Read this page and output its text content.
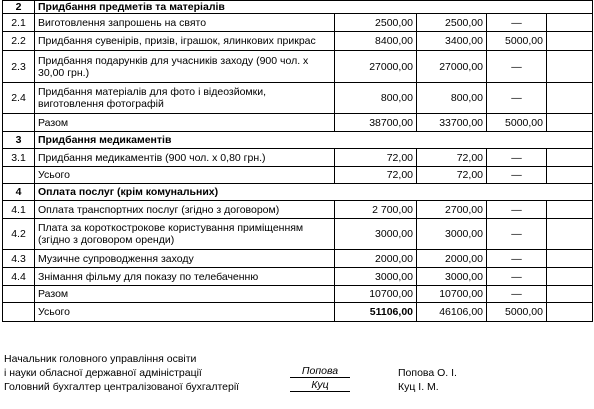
2	Придбання предметів та матеріалів				
2.1	Виготовлення запрошень на свято	2500,00	2500,00	—	
2.2	Придбання сувенірів, призів, іграшок, ялинкових прикрас	8400,00	3400,00	5000,00	
2.3	Придбання подарунків для учасників заходу (900 чол. x 30,00 грн.)	27000,00	27000,00	—	
2.4	Придбання матеріалів для фото і відеозйомки, виготовлення фотографій	800,00	800,00	—	
	Разом	38700,00	33700,00	5000,00	
3	Придбання медикаментів				
3.1	Придбання медикаментів (900 чол. x 0,80 грн.)	72,00	72,00	—	
	Усього	72,00	72,00	—	
4	Оплата послуг (крім комунальних)				
4.1	Оплата транспортних послуг (згідно з договором)	2 700,00	2700,00	—	
4.2	Плата за короткострокове користування приміщенням (згідно з договором оренди)	3000,00	3000,00	—	
4.3	Музичне супроводження заходу	2000,00	2000,00	—	
4.4	Знімання фільму для показу по телебаченню	3000,00	3000,00	—	
	Разом	10700,00	10700,00	—	
	Усього	51106,00	46106,00	5000,00	
Начальник головного управління освіти
і науки обласної державної адміністрації	Попова	Попова О. І.
Головний бухгалтер централізованої бухгалтерії	Куц	Куц І. М.
